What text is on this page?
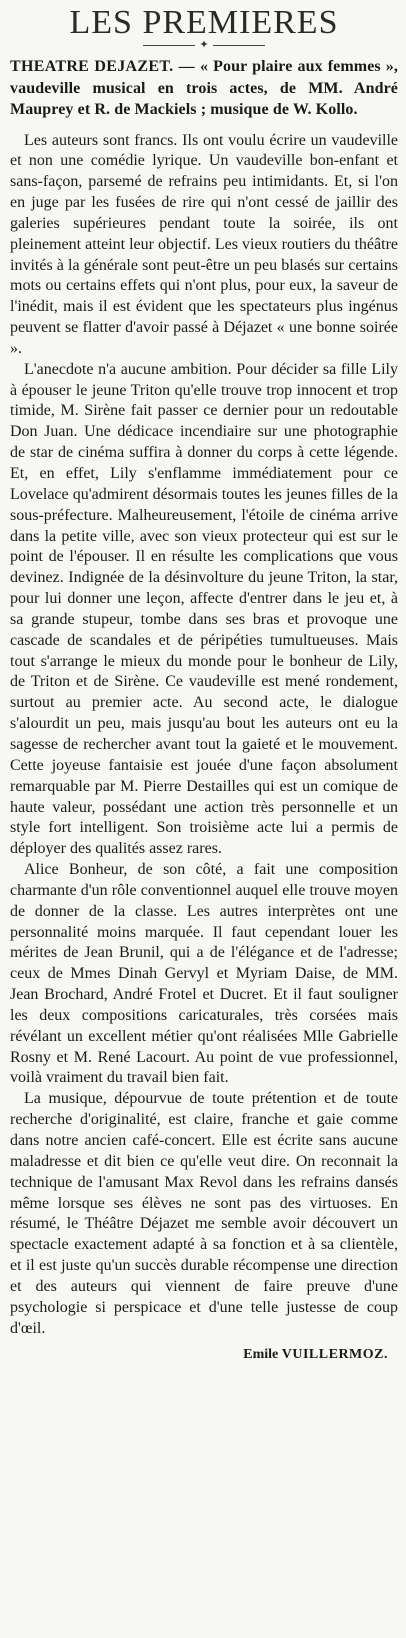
LES PREMIERES
✦

THEATRE DEJAZET. — « Pour plaire aux femmes », vaudeville musical en trois actes, de MM. André Mauprey et R. de Mackiels ; musique de W. Kollo.

Les auteurs sont francs. Ils ont voulu écrire un vaudeville et non une comédie lyrique. Un vaudeville bon-enfant et sans-façon, parsemé de refrains peu intimidants. Et, si l'on en juge par les fusées de rire qui n'ont cessé de jaillir des galeries supérieures pendant toute la soirée, ils ont pleinement atteint leur objectif. Les vieux routiers du théâtre invités à la générale sont peut-être un peu blasés sur certains mots ou certains effets qui n'ont plus, pour eux, la saveur de l'inédit, mais il est évident que les spectateurs plus ingénus peuvent se flatter d'avoir passé à Déjazet « une bonne soirée ».

L'anecdote n'a aucune ambition. Pour décider sa fille Lily à épouser le jeune Triton qu'elle trouve trop innocent et trop timide, M. Sirène fait passer ce dernier pour un redoutable Don Juan. Une dédicace incendiaire sur une photographie de star de cinéma suffira à donner du corps à cette légende. Et, en effet, Lily s'enflamme immédiatement pour ce Lovelace qu'admirent désormais toutes les jeunes filles de la sous-préfecture. Malheureusement, l'étoile de cinéma arrive dans la petite ville, avec son vieux protecteur qui est sur le point de l'épouser. Il en résulte les complications que vous devinez. Indignée de la désinvolture du jeune Triton, la star, pour lui donner une leçon, affecte d'entrer dans le jeu et, à sa grande stupeur, tombe dans ses bras et provoque une cascade de scandales et de péripéties tumultueuses. Mais tout s'arrange le mieux du monde pour le bonheur de Lily, de Triton et de Sirène. Ce vaudeville est mené rondement, surtout au premier acte. Au second acte, le dialogue s'alourdit un peu, mais jusqu'au bout les auteurs ont eu la sagesse de rechercher avant tout la gaieté et le mouvement. Cette joyeuse fantaisie est jouée d'une façon absolument remarquable par M. Pierre Destailles qui est un comique de haute valeur, possédant une action très personnelle et un style fort intelligent. Son troisième acte lui a permis de déployer des qualités assez rares.

Alice Bonheur, de son côté, a fait une composition charmante d'un rôle conventionnel auquel elle trouve moyen de donner de la classe. Les autres interprètes ont une personnalité moins marquée. Il faut cependant louer les mérites de Jean Brunil, qui a de l'élégance et de l'adresse; ceux de Mmes Dinah Gervyl et Myriam Daise, de MM. Jean Brochard, André Frotel et Ducret. Et il faut souligner les deux compositions caricaturales, très corsées mais révélant un excellent métier qu'ont réalisées Mlle Gabrielle Rosny et M. René Lacourt. Au point de vue professionnel, voilà vraiment du travail bien fait.

La musique, dépourvue de toute prétention et de toute recherche d'originalité, est claire, franche et gaie comme dans notre ancien café-concert. Elle est écrite sans aucune maladresse et dit bien ce qu'elle veut dire. On reconnait la technique de l'amusant Max Revol dans les refrains dansés même lorsque ses élèves ne sont pas des virtuoses. En résumé, le Théâtre Déjazet me semble avoir découvert un spectacle exactement adapté à sa fonction et à sa clientèle, et il est juste qu'un succès durable récompense une direction et des auteurs qui viennent de faire preuve d'une psychologie si perspicace et d'une telle justesse de coup d'œil.

Emile VUILLERMOZ.
